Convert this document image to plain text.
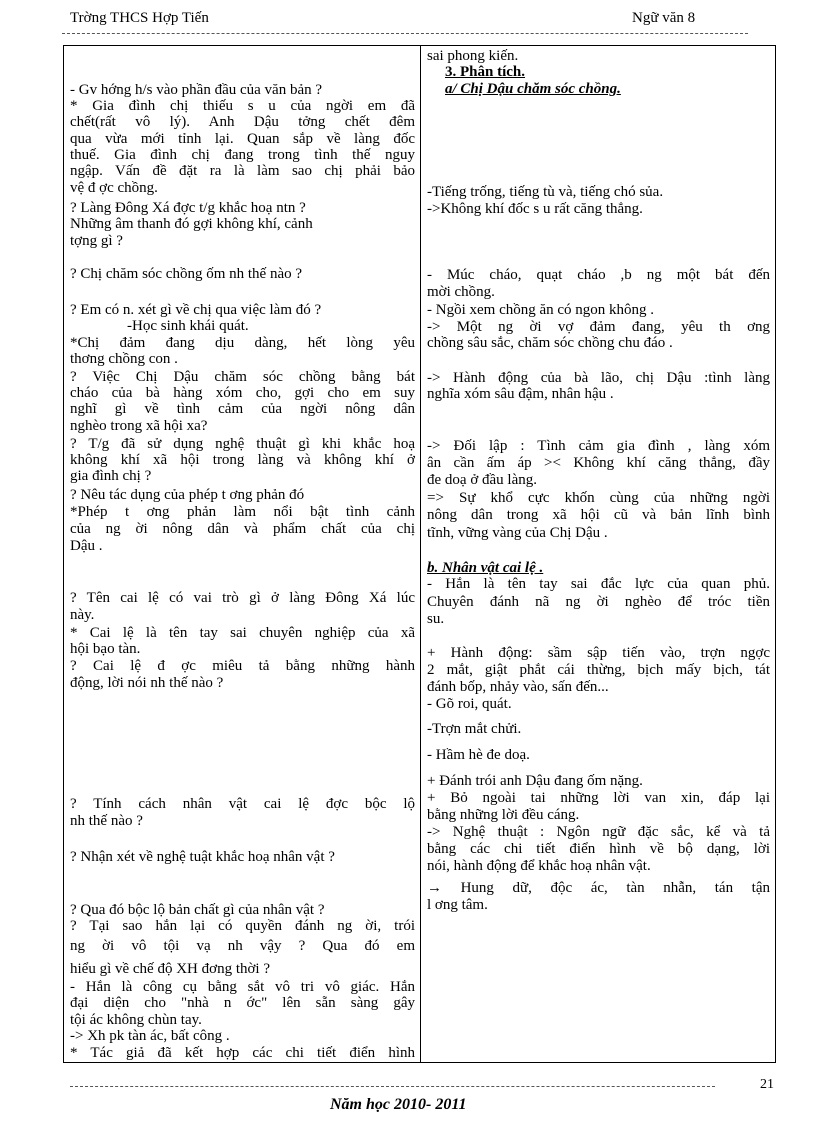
Trờng THCS Hợp Tiến	Ngữ văn 8
- Gv hớng h/s vào phần đầu của văn bản ?
* Gia đình chị thiếu s u của ngời em đã
chết(rất vô lý). Anh Dậu tởng chết đêm
qua vừa mới tỉnh lại. Quan sắp về làng đốc
thuế. Gia đình chị đang trong tình thế nguy
ngập. Vấn đề đặt ra là làm sao chị phải bảo
vệ đ ợc chồng.
? Làng Đông Xá đợc t/g khắc hoạ ntn ?
Những âm thanh đó gợi không khí, cảnh
tợng gì ?
? Chị chăm sóc chồng ốm nh thế nào ?
? Em có n. xét gì về chị qua việc làm đó ?
-Học sinh khái quát.
*Chị đảm đang dịu dàng, hết lòng yêu
thơng chồng con .
? Việc Chị Dậu chăm sóc chồng bằng bát
cháo của bà hàng xóm cho, gợi cho em suy
nghĩ gì về tình cảm của ngời nông dân
nghèo trong xã hội xa?
? T/g đã sử dụng nghệ thuật gì khi khắc hoạ
không khí xã hội trong làng và không khí ở
gia đình chị ?
? Nêu tác dụng của phép t ơng phản đó
*Phép t ơng phản làm nổi bật tình cảnh
của ng ời nông dân và phẩm chất của chị
Dậu .
? Tên cai lệ có vai trò gì ở làng Đông Xá lúc
này.
* Cai lệ là tên tay sai chuyên nghiệp của xã
hội bạo tàn.
? Cai lệ đ ợc miêu tả bằng những hành
động, lời nói nh thế nào ?
? Tính cách nhân vật cai lệ đợc bộc lộ
nh thế nào ?
? Nhận xét về nghệ tuật khắc hoạ nhân vật ?
? Qua đó bộc lộ bản chất gì của nhân vật ?
? Tại sao hắn lại có quyền đánh ng ời, trói
ng ời vô tội vạ nh vậy ? Qua đó em
hiểu gì về chế độ XH đơng thời ?
- Hắn là công cụ bằng sắt vô tri vô giác. Hắn
đại diện cho "nhà n ớc" lên sẵn sàng gây
tội ác không chùn tay.
-> Xh pk tàn ác, bất công .
* Tác giả đã kết hợp các chi tiết điển hình
sai phong kiến.
3. Phân tích.
a/ Chị Dậu chăm sóc chồng.
-Tiếng trống, tiếng tù và, tiếng chó sủa.
->Không khí đốc s u rất căng thẳng.
- Múc cháo, quạt cháo ,b ng một bát đến
mời chồng.
- Ngồi xem chồng ăn có ngon không .
-> Một ng ời vợ đảm đang, yêu th ơng
chồng sâu sắc, chăm sóc chồng chu đáo .
-> Hành động của bà lão, chị Dậu :tình làng
nghĩa xóm sâu đậm, nhân hậu .
-> Đối lập : Tình cảm gia đình , làng xóm
ân cần ấm áp >< Không khí căng thẳng, đầy
đe doạ ở đầu làng.
=> Sự khổ cực khốn cùng của những ngời
nông dân trong xã hội cũ và bản lĩnh bình
tĩnh, vững vàng của Chị Dậu .
b. Nhân vật cai lệ .
- Hắn là tên tay sai đắc lực của quan phủ.
Chuyên đánh nã ng ời nghèo để tróc tiền
su.
+ Hành động: sầm sập tiến vào, trợn ngợc
2 mắt, giật phắt cái thừng, bịch mấy bịch, tát
đánh bốp, nhảy vào, sấn đến...
- Gõ roi, quát.
-Trợn mắt chửi.
- Hầm hè đe doạ.
+ Đánh trói anh Dậu đang ốm nặng.
+ Bỏ ngoài tai những lời van xin, đáp lại
bằng những lời đều cáng.
-> Nghệ thuật : Ngôn ngữ đặc sắc, kể và tả
bằng các chi tiết điển hình về bộ dạng, lời
nói, hành động để khắc hoạ nhân vật.
→ Hung dữ, độc ác, tàn nhẫn, tán tận
l ơng tâm.
21
Năm học 2010- 2011
